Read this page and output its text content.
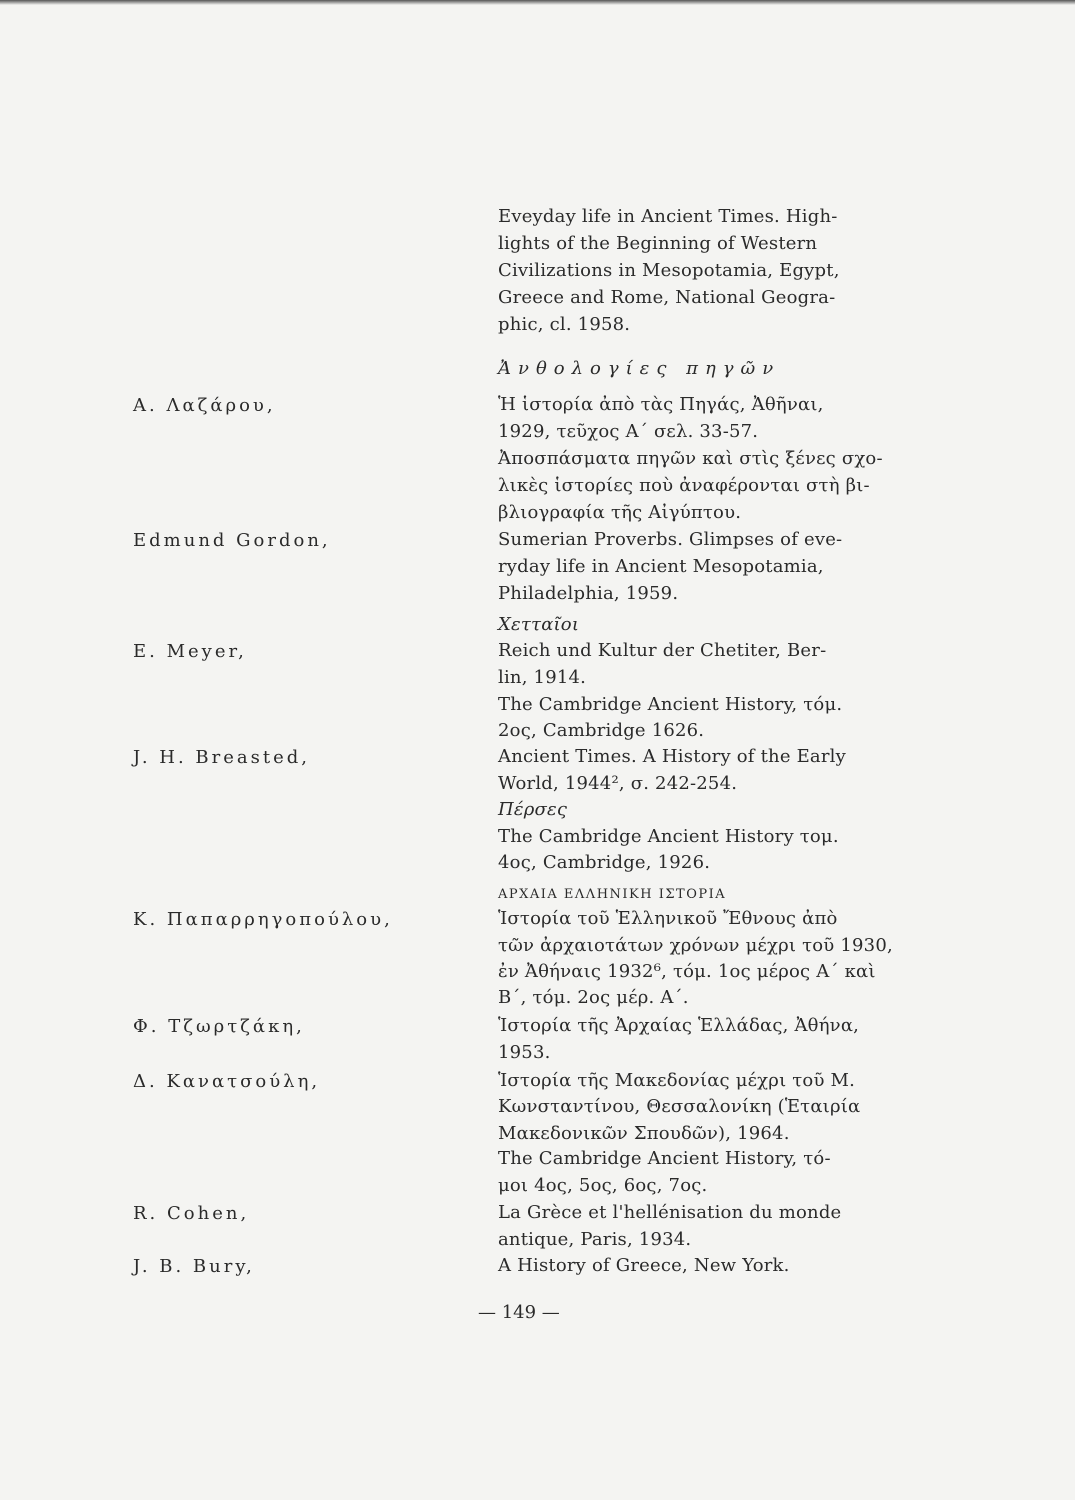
Α. Λαζάρου,
Edmund Gordon,
E. Meyer,
J. H. Breasted,
Κ. Παπαρρηγοπούλου,
Φ. Τζωρτζάκη,
Δ. Κανατσούλη,
R. Cohen,
J. B. Bury,
Eveyday life in Ancient Times. High-
lights of the Beginning of Western
Civilizations in Mesopotamia, Egypt,
Greece and Rome, National Geogra-
phic, cl. 1958.
Ἀνθολογίες πηγῶν
Ἡ ἱστορία ἀπὸ τὰς Πηγάς, Ἀθῆναι,
1929, τεῦχος Α΄ σελ. 33-57.
Ἀποσπάσματα πηγῶν καὶ στὶς ξένες σχο-
λικὲς ἱστορίες ποὺ ἀναφέρονται στὴ βι-
βλιογραφία τῆς Αἰγύπτου.
Sumerian Proverbs. Glimpses of eve-
ryday life in Ancient Mesopotamia,
Philadelphia, 1959.
Χετταῖοι
Reich und Kultur der Chetiter, Ber-
lin, 1914.
The Cambridge Ancient History, τόμ.
2ος, Cambridge 1626.
Ancient Times. A History of the Early
World, 1944², σ. 242-254.
Πέρσες
The Cambridge Ancient History τομ.
4ος, Cambridge, 1926.
ΑΡΧΑΙΑ ΕΛΛΗΝΙΚΗ ΙΣΤΟΡΙΑ
Ἱστορία τοῦ Ἑλληνικοῦ Ἔθνους ἀπὸ
τῶν ἀρχαιοτάτων χρόνων μέχρι τοῦ 1930,
ἐν Ἀθήναις 1932⁶, τόμ. 1ος μέρος Α΄ καὶ
Β΄, τόμ. 2ος μέρ. Α΄.
Ἱστορία τῆς Ἀρχαίας Ἑλλάδας, Ἀθήνα,
1953.
Ἱστορία τῆς Μακεδονίας μέχρι τοῦ Μ.
Κωνσταντίνου, Θεσσαλονίκη (Ἑταιρία
Μακεδονικῶν Σπουδῶν), 1964.
The Cambridge Ancient History, τό-
μοι 4ος, 5ος, 6ος, 7ος.
La Grèce et l'hellénisation du monde
antique, Paris, 1934.
A History of Greece, New York.
— 149 —
